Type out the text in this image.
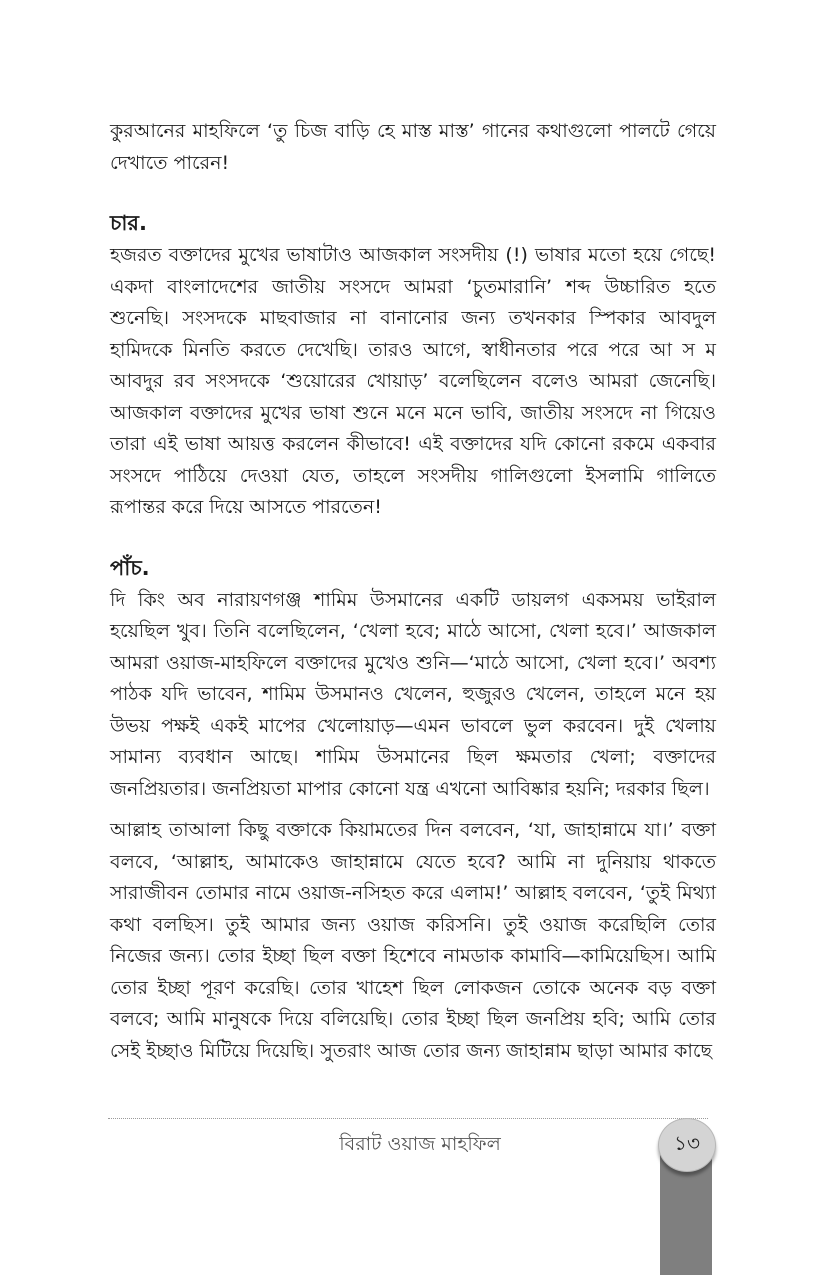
কুরআনের মাহফিলে ‘তু চিজ বাড়ি হে মাস্ত মাস্ত’ গানের কথাগুলো পালটে গেয়ে দেখাতে পারেন!

চার.

হজরত বক্তাদের মুখের ভাষাটাও আজকাল সংসদীয় (!) ভাষার মতো হয়ে গেছে! একদা বাংলাদেশের জাতীয় সংসদে আমরা ‘চুতমারানি’ শব্দ উচ্চারিত হতে শুনেছি। সংসদকে মাছবাজার না বানানোর জন্য তখনকার স্পিকার আবদুল হামিদকে মিনতি করতে দেখেছি। তারও আগে, স্বাধীনতার পরে পরে আ স ম আবদুর রব সংসদকে ‘শুয়োরের খোয়াড়’ বলেছিলেন বলেও আমরা জেনেছি। আজকাল বক্তাদের মুখের ভাষা শুনে মনে মনে ভাবি, জাতীয় সংসদে না গিয়েও তারা এই ভাষা আয়ত্ত করলেন কীভাবে! এই বক্তাদের যদি কোনো রকমে একবার সংসদে পাঠিয়ে দেওয়া যেত, তাহলে সংসদীয় গালিগুলো ইসলামি গালিতে রূপান্তর করে দিয়ে আসতে পারতেন!

পাঁচ.

দি কিং অব নারায়ণগঞ্জ শামিম উসমানের একটি ডায়লগ একসময় ভাইরাল হয়েছিল খুব। তিনি বলেছিলেন, ‘খেলা হবে; মাঠে আসো, খেলা হবে।’ আজকাল আমরা ওয়াজ-মাহফিলে বক্তাদের মুখেও শুনি—‘মাঠে আসো, খেলা হবে।’ অবশ্য পাঠক যদি ভাবেন, শামিম উসমানও খেলেন, হুজুরও খেলেন, তাহলে মনে হয় উভয় পক্ষই একই মাপের খেলোয়াড়—এমন ভাবলে ভুল করবেন। দুই খেলায় সামান্য ব্যবধান আছে। শামিম উসমানের ছিল ক্ষমতার খেলা; বক্তাদের জনপ্রিয়তার। জনপ্রিয়তা মাপার কোনো যন্ত্র এখনো আবিষ্কার হয়নি; দরকার ছিল।

আল্লাহ তাআলা কিছু বক্তাকে কিয়ামতের দিন বলবেন, ‘যা, জাহান্নামে যা।’ বক্তা বলবে, ‘আল্লাহ, আমাকেও জাহান্নামে যেতে হবে? আমি না দুনিয়ায় থাকতে সারাজীবন তোমার নামে ওয়াজ-নসিহত করে এলাম!’ আল্লাহ বলবেন, ‘তুই মিথ্যা কথা বলছিস। তুই আমার জন্য ওয়াজ করিসনি। তুই ওয়াজ করেছিলি তোর নিজের জন্য। তোর ইচ্ছা ছিল বক্তা হিশেবে নামডাক কামাবি—কামিয়েছিস। আমি তোর ইচ্ছা পূরণ করেছি। তোর খাহেশ ছিল লোকজন তোকে অনেক বড় বক্তা বলবে; আমি মানুষকে দিয়ে বলিয়েছি। তোর ইচ্ছা ছিল জনপ্রিয় হবি; আমি তোর সেই ইচ্ছাও মিটিয়ে দিয়েছি। সুতরাং আজ তোর জন্য জাহান্নাম ছাড়া আমার কাছে

বিরাট ওয়াজ মাহফিল	১৩
